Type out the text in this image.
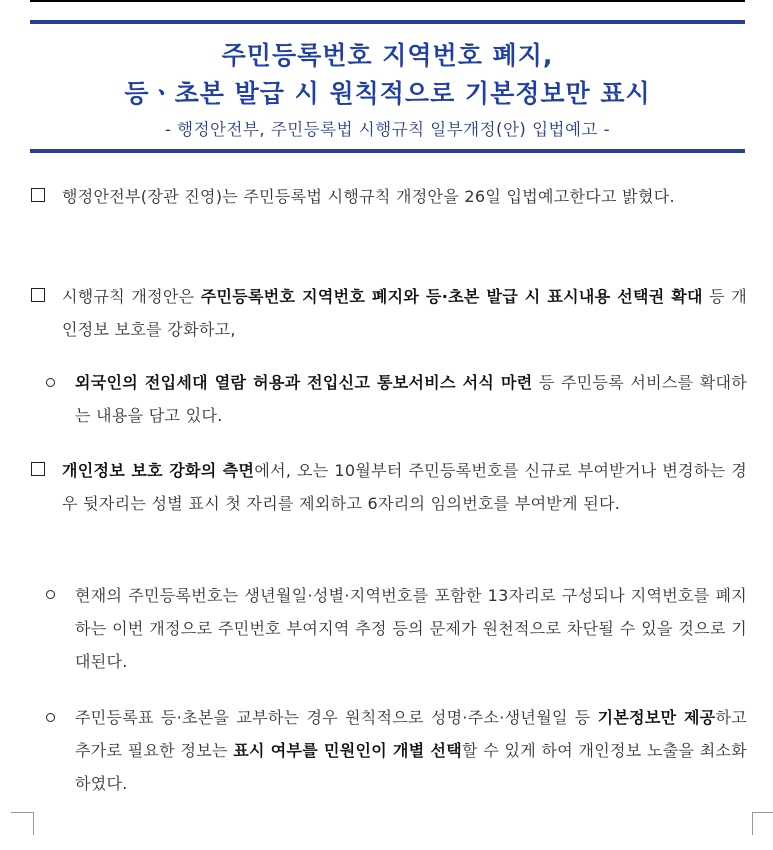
주민등록번호 지역번호 폐지,
등ㆍ초본 발급 시 원칙적으로 기본정보만 표시
- 행정안전부, 주민등록법 시행규칙 일부개정(안) 입법예고 -
행정안전부(장관 진영)는 주민등록법 시행규칙 개정안을 26일 입법예고한다고 밝혔다.
시행규칙 개정안은 주민등록번호 지역번호 폐지와 등·초본 발급 시 표시내용 선택권 확대 등 개인정보 보호를 강화하고,
외국인의 전입세대 열람 허용과 전입신고 통보서비스 서식 마련 등 주민등록 서비스를 확대하는 내용을 담고 있다.
개인정보 보호 강화의 측면에서, 오는 10월부터 주민등록번호를 신규로 부여받거나 변경하는 경우 뒷자리는 성별 표시 첫 자리를 제외하고 6자리의 임의번호를 부여받게 된다.
현재의 주민등록번호는 생년월일·성별·지역번호를 포함한 13자리로 구성되나 지역번호를 폐지하는 이번 개정으로 주민번호 부여지역 추정 등의 문제가 원천적으로 차단될 수 있을 것으로 기대된다.
주민등록표 등·초본을 교부하는 경우 원칙적으로 성명·주소·생년월일 등 기본정보만 제공하고 추가로 필요한 정보는 표시 여부를 민원인이 개별 선택할 수 있게 하여 개인정보 노출을 최소화하였다.
